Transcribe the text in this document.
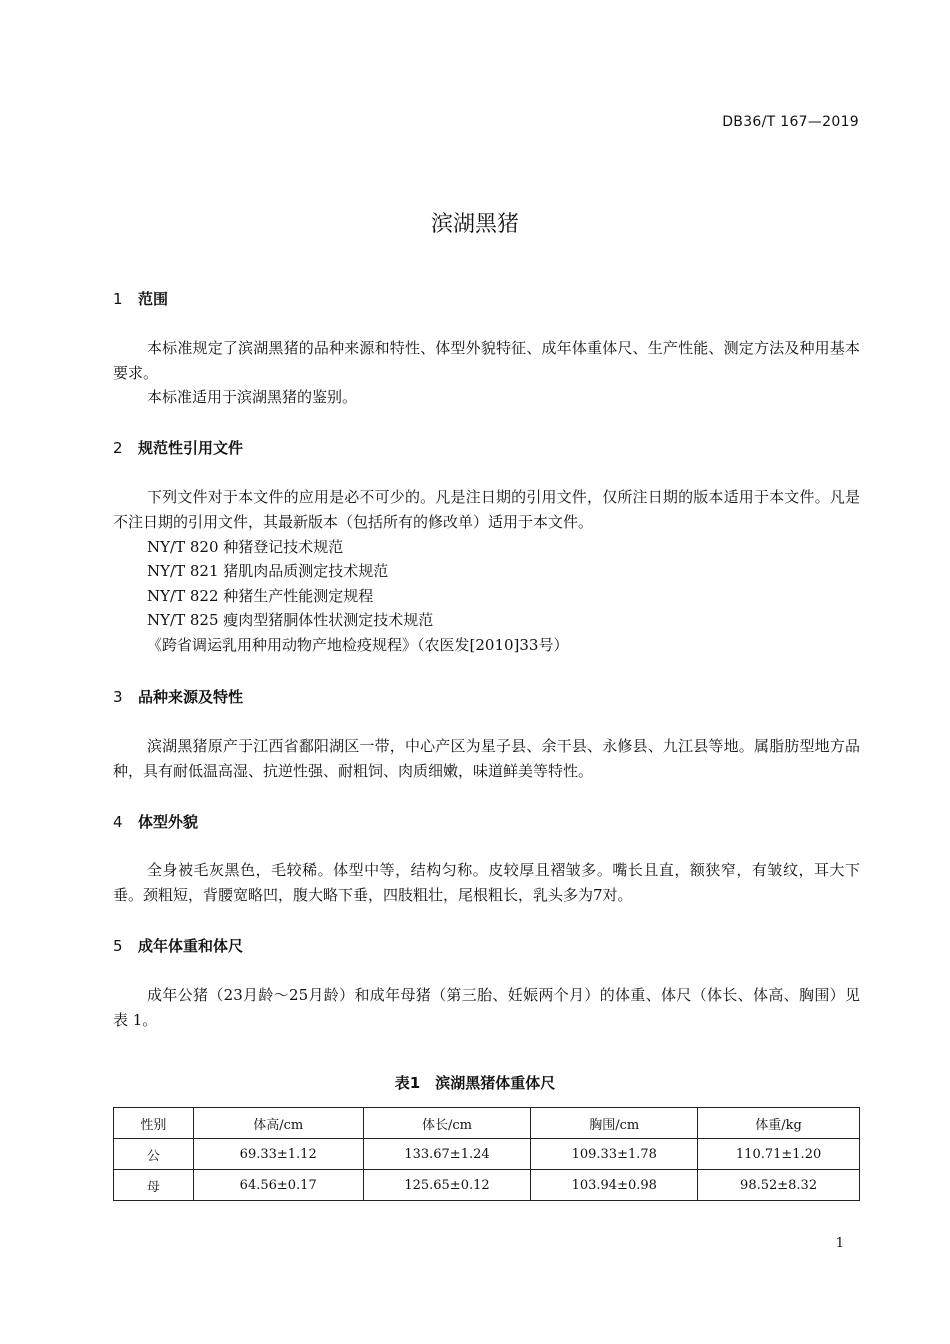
DB36/T 167—2019
滨湖黑猪
1 范围
本标准规定了滨湖黑猪的品种来源和特性、体型外貌特征、成年体重体尺、生产性能、测定方法及种用基本要求。
本标准适用于滨湖黑猪的鉴别。
2 规范性引用文件
下列文件对于本文件的应用是必不可少的。凡是注日期的引用文件，仅所注日期的版本适用于本文件。凡是不注日期的引用文件，其最新版本（包括所有的修改单）适用于本文件。
NY/T 820 种猪登记技术规范
NY/T 821 猪肌肉品质测定技术规范
NY/T 822 种猪生产性能测定规程
NY/T 825 瘦肉型猪胴体性状测定技术规范
《跨省调运乳用种用动物产地检疫规程》（农医发[2010]33号）
3 品种来源及特性
滨湖黑猪原产于江西省鄱阳湖区一带，中心产区为星子县、余干县、永修县、九江县等地。属脂肪型地方品种，具有耐低温高湿、抗逆性强、耐粗饲、肉质细嫩，味道鲜美等特性。
4 体型外貌
全身被毛灰黑色，毛较稀。体型中等，结构匀称。皮较厚且褶皱多。嘴长且直，额狭窄，有皱纹，耳大下垂。颈粗短，背腰宽略凹，腹大略下垂，四肢粗壮，尾根粗长，乳头多为7对。
5 成年体重和体尺
成年公猪（23月龄～25月龄）和成年母猪（第三胎、妊娠两个月）的体重、体尺（体长、体高、胸围）见表 1。
表1　滨湖黑猪体重体尺
性别	体高/cm	体长/cm	胸围/cm	体重/kg
公	69.33±1.12	133.67±1.24	109.33±1.78	110.71±1.20
母	64.56±0.17	125.65±0.12	103.94±0.98	98.52±8.32
1
